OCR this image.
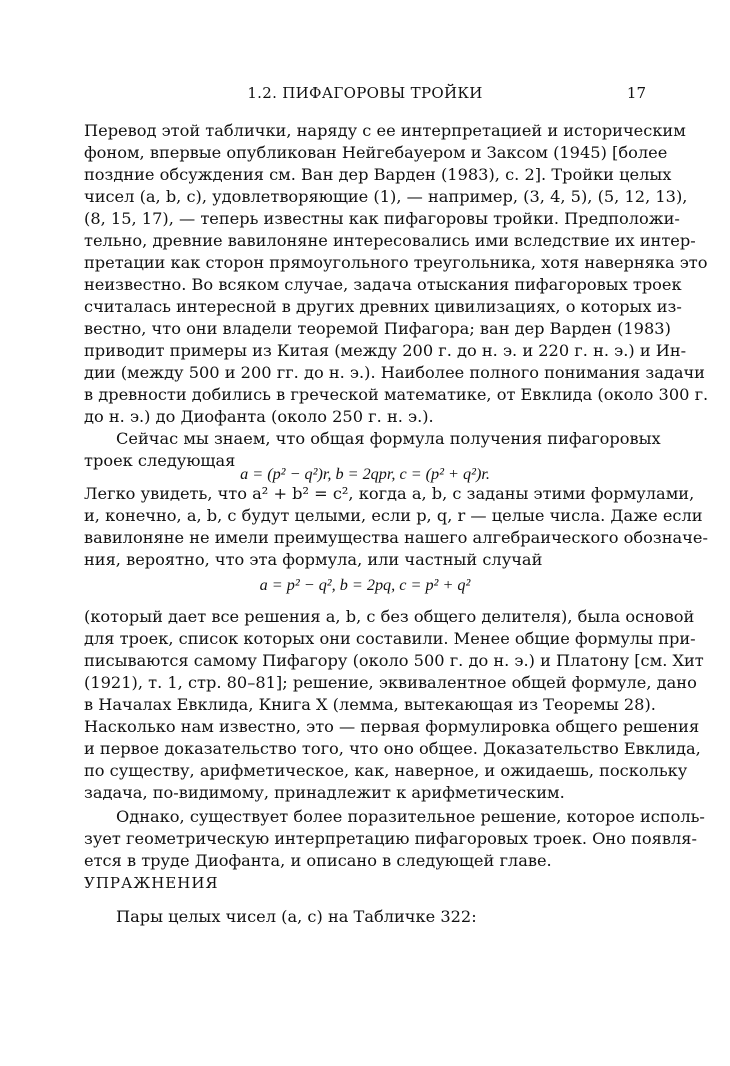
1.2. ПИФАГОРОВЫ ТРОЙКИ	17
Перевод этой таблички, наряду с ее интерпретацией и историческим
фоном, впервые опубликован Нейгебауером и Заксом (1945) [более
поздние обсуждения см. Ван дер Варден (1983), с. 2]. Тройки целых
чисел (a, b, c), удовлетворяющие (1), — например, (3, 4, 5), (5, 12, 13),
(8, 15, 17), — теперь известны как пифагоровы тройки. Предположи-
тельно, древние вавилоняне интересовались ими вследствие их интер-
претации как сторон прямоугольного треугольника, хотя наверняка это
неизвестно. Во всяком случае, задача отыскания пифагоровых троек
считалась интересной в других древних цивилизациях, о которых из-
вестно, что они владели теоремой Пифагора; ван дер Варден (1983)
приводит примеры из Китая (между 200 г. до н. э. и 220 г. н. э.) и Ин-
дии (между 500 и 200 гг. до н. э.). Наиболее полного понимания задачи
в древности добились в греческой математике, от Евклида (около 300 г.
до н. э.) до Диофанта (около 250 г. н. э.).
Сейчас мы знаем, что общая формула получения пифагоровых
троек следующая
a = (p² − q²)r, b = 2qpr, c = (p² + q²)r.
Легко увидеть, что a² + b² = c², когда a, b, c заданы этими формулами,
и, конечно, a, b, c будут целыми, если p, q, r — целые числа. Даже если
вавилоняне не имели преимущества нашего алгебраического обозначе-
ния, вероятно, что эта формула, или частный случай
a = p² − q², b = 2pq, c = p² + q²
(который дает все решения a, b, c без общего делителя), была основой
для троек, список которых они составили. Менее общие формулы при-
писываются самому Пифагору (около 500 г. до н. э.) и Платону [см. Хит
(1921), т. 1, стр. 80–81]; решение, эквивалентное общей формуле, дано
в Началах Евклида, Книга X (лемма, вытекающая из Теоремы 28).
Насколько нам известно, это — первая формулировка общего решения
и первое доказательство того, что оно общее. Доказательство Евклида,
по существу, арифметическое, как, наверное, и ожидаешь, поскольку
задача, по-видимому, принадлежит к арифметическим.
Однако, существует более поразительное решение, которое исполь-
зует геометрическую интерпретацию пифагоровых троек. Оно появля-
ется в труде Диофанта, и описано в следующей главе.
УПРАЖНЕНИЯ
Пары целых чисел (a, c) на Табличке 322:
